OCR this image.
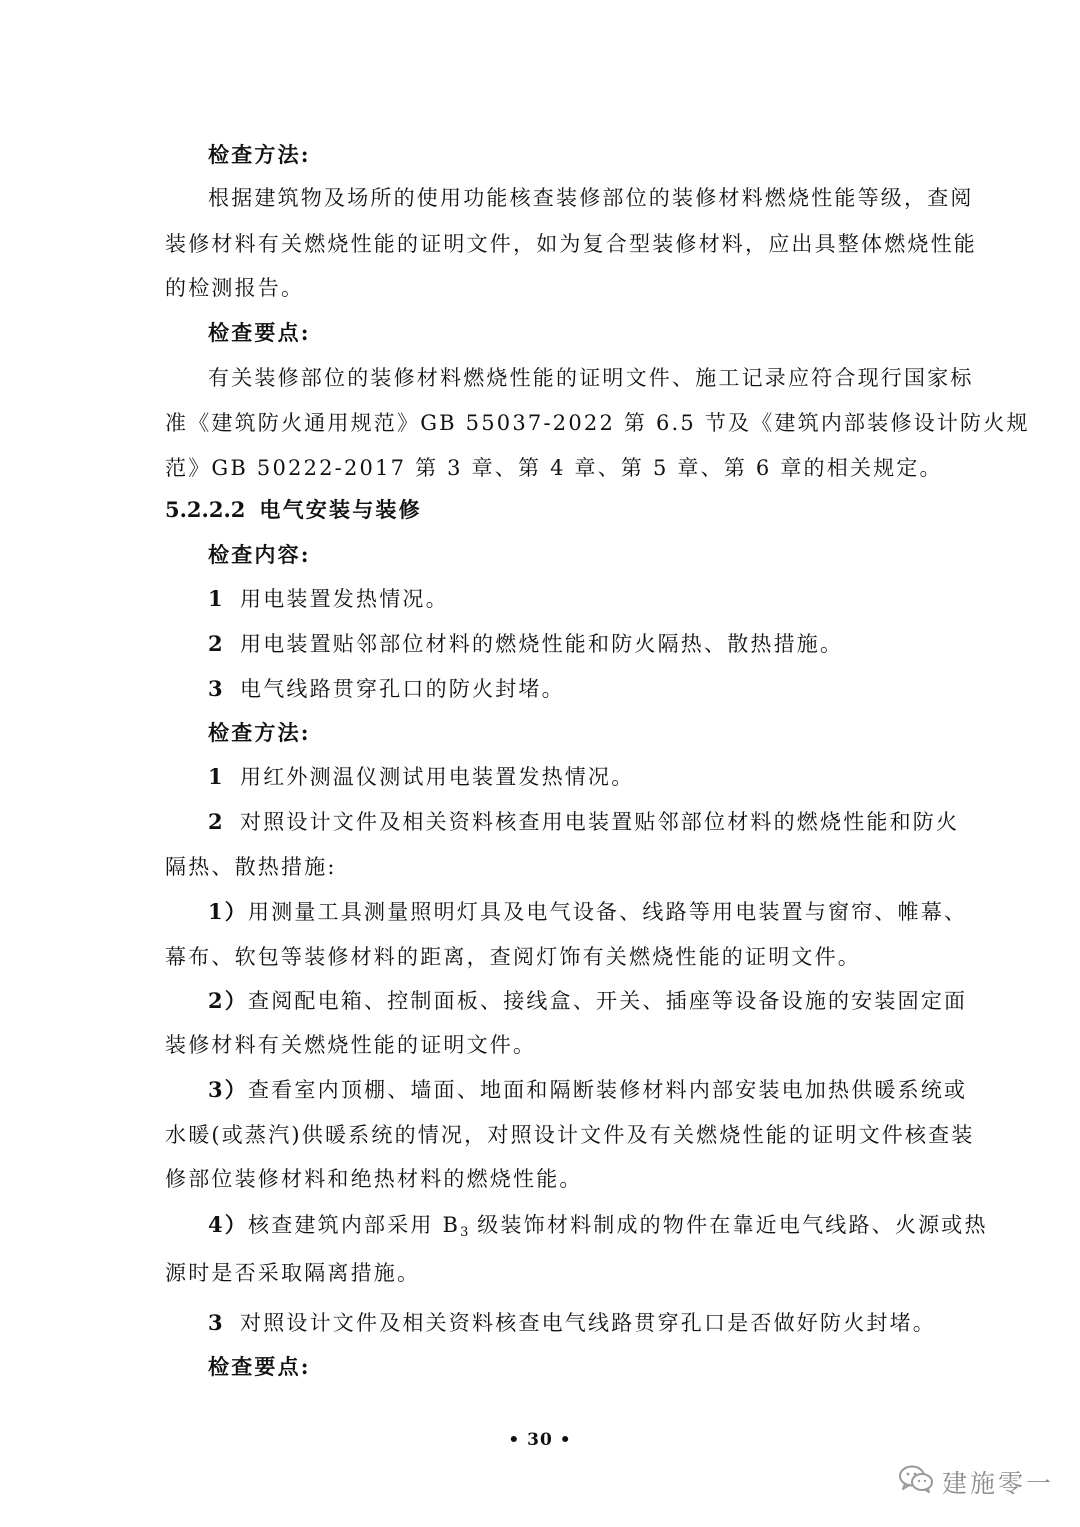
检查方法:
根据建筑物及场所的使用功能核查装修部位的装修材料燃烧性能等级，查阅
装修材料有关燃烧性能的证明文件，如为复合型装修材料，应出具整体燃烧性能
的检测报告。
检查要点:
有关装修部位的装修材料燃烧性能的证明文件、施工记录应符合现行国家标
准《建筑防火通用规范》GB 55037-2022 第 6.5 节及《建筑内部装修设计防火规
范》GB 50222-2017 第 3 章、第 4 章、第 5 章、第 6 章的相关规定。
5.2.2.2 电气安装与装修
检查内容:
1 用电装置发热情况。
2 用电装置贴邻部位材料的燃烧性能和防火隔热、散热措施。
3 电气线路贯穿孔口的防火封堵。
检查方法:
1 用红外测温仪测试用电装置发热情况。
2 对照设计文件及相关资料核查用电装置贴邻部位材料的燃烧性能和防火
隔热、散热措施:
1）用测量工具测量照明灯具及电气设备、线路等用电装置与窗帘、帷幕、
幕布、软包等装修材料的距离，查阅灯饰有关燃烧性能的证明文件。
2）查阅配电箱、控制面板、接线盒、开关、插座等设备设施的安装固定面
装修材料有关燃烧性能的证明文件。
3）查看室内顶棚、墙面、地面和隔断装修材料内部安装电加热供暖系统或
水暖(或蒸汽)供暖系统的情况，对照设计文件及有关燃烧性能的证明文件核查装
修部位装修材料和绝热材料的燃烧性能。
4）核查建筑内部采用 $B_3$ 级装饰材料制成的物件在靠近电气线路、火源或热
源时是否采取隔离措施。
3 对照设计文件及相关资料核查电气线路贯穿孔口是否做好防火封堵。
检查要点:
• 30 •
建施零一
